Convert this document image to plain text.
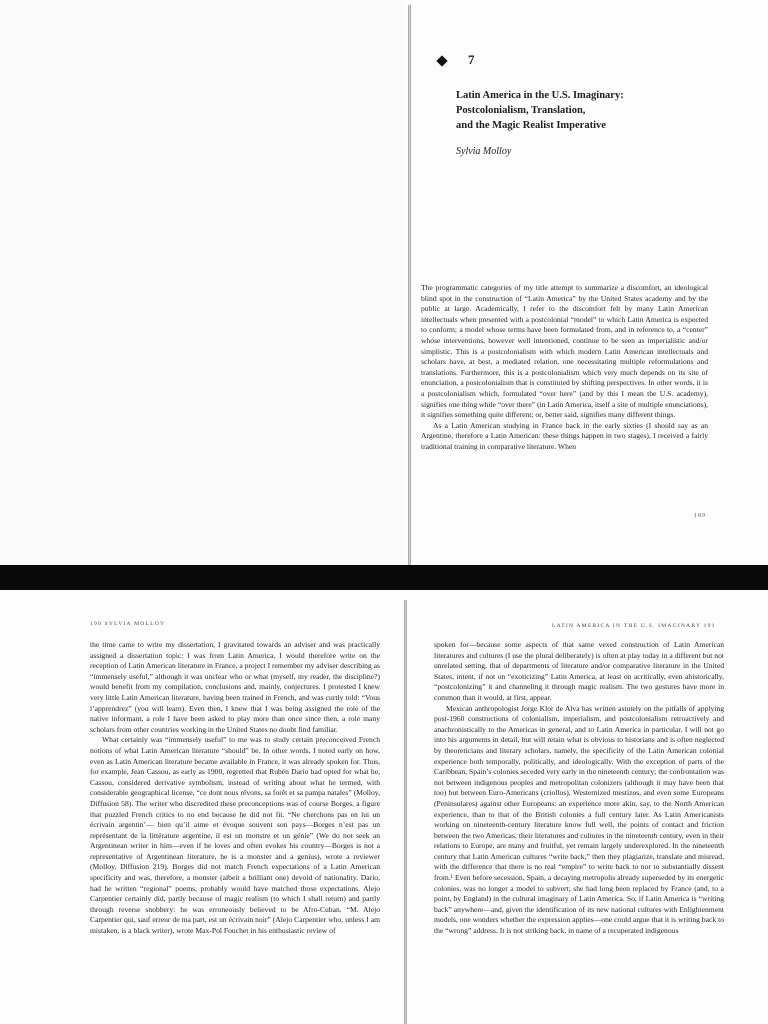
7
Latin America in the U.S. Imaginary:
Postcolonialism, Translation,
and the Magic Realist Imperative
Sylvia Molloy

The programmatic categories of my title attempt to summarize a discomfort, an ideological blind spot in the construction of “Latin America” by the United States academy and by the public at large. Academically, I refer to the discomfort felt by many Latin American intellectuals when presented with a postcolonial “model” to which Latin America is expected to conform; a model whose terms have been formulated from, and in reference to, a “center” whose interventions, however well intentioned, continue to be seen as imperialistic and/or simplistic. This is a postcolonialism with which modern Latin American intellectuals and scholars have, at best, a mediated relation, one necessitating multiple reformulations and translations. Furthermore, this is a postcolonialism which very much depends on its site of enunciation, a postcolonialism that is constituted by shifting perspectives. In other words, it is a postcolonialism which, formulated “over here” (and by this I mean the U.S. academy), signifies one thing while “over there” (in Latin America, itself a site of multiple enunciations), it signifies something quite different; or, better said, signifies many different things.

As a Latin American studying in France back in the early sixties (I should say as an Argentine, therefore a Latin American: these things happen in two stages), I received a fairly traditional training in comparative literature. When

189
190 SYLVIA MOLLOY	LATIN AMERICA IN THE U.S. IMAGINARY 191

the time came to write my dissertation, I gravitated towards an adviser and was practically assigned a dissertation topic: I was from Latin America, I would therefore write on the reception of Latin American literature in France, a project I remember my adviser describing as “immensely useful,” although it was unclear who or what (myself, my reader, the discipline?) would benefit from my compilation, conclusions and, mainly, conjectures. I protested I knew very little Latin American literature, having been trained in French, and was curtly told: “Vous l’apprendrez” (you will learn). Even then, I knew that I was being assigned the role of the native informant, a role I have been asked to play more than once since then, a role many scholars from other countries working in the United States no doubt find familiar.

What certainly was “immensely useful” to me was to study certain preconceived French notions of what Latin American literature “should” be. In other words, I noted early on how, even as Latin American literature became available in France, it was already spoken for. Thus, for example, Jean Cassou, as early as 1900, regretted that Rubén Darío had opted for what he, Cassou, considered derivative symbolism, instead of writing about what he termed, with considerable geographical license, “ce dont nous rêvons, sa forêt et sa pampa natales” (Molloy, Diffusion 58). The writer who discredited these preconceptions was of course Borges, a figure that puzzled French critics to no end because he did not fit. “Ne cherchons pas en lui un écrivain argentin’— bien qu’il aime et évoque souvent son pays—Borges n’est pas un représentant de la littérature argentine, il est un monstre et un génie” (We do not seek an Argentinean writer in him—even if he loves and often evokes his country—Borges is not a representative of Argentinean literature, he is a monster and a genius), wrote a reviewer (Molloy, Diffusion 219). Borges did not match French expectations of a Latin American specificity and was, therefore, a monster (albeit a brilliant one) devoid of nationality. Darío, had he written “regional” poems, probably would have matched those expectations. Alejo Carpentier certainly did, partly because of magic realism (to which I shall return) and partly through reverse snobbery: he was erroneously believed to be Afro-Cuban. “M. Alejo Carpentier qui, sauf erreur de ma part, est un écrivain noir” (Alejo Carpentier who, unless I am mistaken, is a black writer), wrote Max-Pol Fouchet in his enthusiastic review of

spoken for—because some aspects of that same vexed construction of Latin American literatures and cultures (I use the plural deliberately) is often at play today in a different but not unrelated setting, that of departments of literature and/or comparative literature in the United States, intent, if not on “exoticizing” Latin America, at least on acritically, even ahistorically, “postcolonizing” it and channeling it through magic realism. The two gestures have more in common than it would, at first, appear.

Mexican anthropologist Jorge Klor de Alva has written astutely on the pitfalls of applying post-1960 constructions of colonialism, imperialism, and postcolonialism retroactively and anachronistically to the Americas in general, and to Latin America in particular. I will not go into his arguments in detail, but will retain what is obvious to historians and is often neglected by theoreticians and literary scholars, namely, the specificity of the Latin American colonial experience both temporally, politically, and ideologically. With the exception of parts of the Caribbean, Spain’s colonies seceded very early in the nineteenth century; the confrontation was not between indigenous peoples and metropolitan colonizers (although it may have been that too) but between Euro-Americans (criollos), Westernized mestizos, and even some Europeans (Peninsulares) against other Europeans: an experience more akin, say, to the North American experience, than to that of the British colonies a full century later. As Latin Americanists working on nineteenth-century literature know full well, the points of contact and friction between the two Americas, their literatures and cultures in the nineteenth century, even in their relations to Europe, are many and fruitful, yet remain largely underexplored. In the nineteenth century that Latin American cultures “write back,” then they plagiarize, translate and misread, with the difference that there is no real “empire” to write back to nor to substantially dissent from.¹ Even before secession, Spain, a decaying metropolis already superseded by its energetic colonies, was no longer a model to subvert; she had long been replaced by France (and, to a point, by England) in the cultural imaginary of Latin America. So, if Latin America is “writing back” anywhere—and, given the identification of its new national cultures with Enlightenment models, one wonders whether the expression applies—one could argue that it is writing back to the “wrong” address. It is not striking back, in name of a recuperated indigenous
